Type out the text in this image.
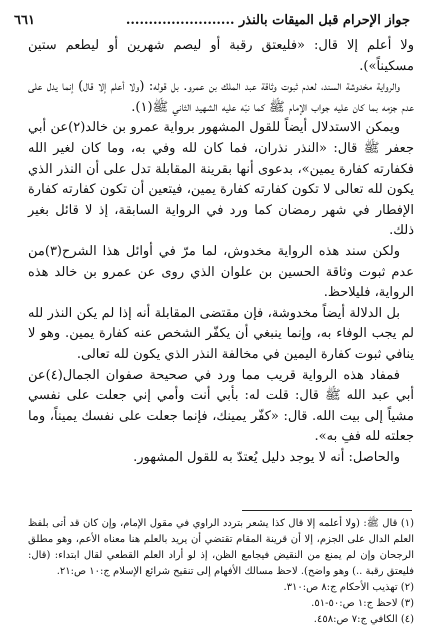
جواز الإحرام قبل الميقات بالنذر ........................
٦٦١

ولا أعلم إلا قال: «فليعتق رقبة أو ليصم شهرين أو ليطعم ستين مسكيناً»).

والرواية مخدوشة السند، لعدم ثبوت وثاقة عبد الملك بن عمرو. بل قوله: (ولا أعلم إلا قال) إنما يدل على عدم جزمه بما كان عليه جواب الإمام ﷺ كما نبّه عليه الشهيد الثاني ﷺ(١).

ويمكن الاستدلال أيضاً للقول المشهور برواية عمرو بن خالد(٢)عن أبي جعفر ﷺ قال: «النذر نذران، فما كان لله وفي به، وما كان لغير الله فكفارته كفارة يمين»، بدعوى أنها بقرينة المقابلة تدل على أن النذر الذي يكون لله تعالى لا تكون كفارته كفارة يمين، فيتعين أن تكون كفارته كفارة الإفطار في شهر رمضان كما ورد في الرواية السابقة، إذ لا قائل بغير ذلك.

ولكن سند هذه الرواية مخدوش، لما مرّ في أوائل هذا الشرح(٣)من عدم ثبوت وثاقة الحسين بن علوان الذي روى عن عمرو بن خالد هذه الرواية، فليلاحظ.

بل الدلالة أيضاً مخدوشة، فإن مقتضى المقابلة أنه إذا لم يكن النذر لله لم يجب الوفاء به، وإنما ينبغي أن يكفّر الشخص عنه كفارة يمين. وهو لا ينافي ثبوت كفارة اليمين في مخالفة النذر الذي يكون لله تعالى.

فمفاد هذه الرواية قريب مما ورد في صحيحة صفوان الجمال(٤)عن أبي عبد الله ﷺ قال: قلت له: بأبي أنت وأمي إني جعلت على نفسي مشياً إلى بيت الله. قال: «كفّر يمينك، فإنما جعلت على نفسك يميناً، وما جعلته لله ففِ به».

والحاصل: أنه لا يوجد دليل يُعتدّ به للقول المشهور.

(١) قال ﷺ: (ولا أعلمه إلا قال كذا يشعر بتردد الراوي في مقول الإمام، وإن كان قد أتى بلفظ العلم الدال على الجزم، إلا أن قرينة المقام تقتضي أن يريد بالعلم هنا معناه الأعم، وهو مطلق الرجحان وإن لم يمنع من النقيض فيجامع الظن، إذ لو أراد العلم القطعي لقال ابتداء: (قال: فليعتق رقبة ..) وهو واضح). لاحظ مسالك الأفهام إلى تنقيح شرائع الإسلام ج:١٠ ص:٢١.

(٢) تهذيب الأحكام ج:٨ ص:٣١٠.

(٣) لاحظ ج:١ ص:٥٠-٥١.

(٤) الكافي ج:٧ ص:٤٥٨.
